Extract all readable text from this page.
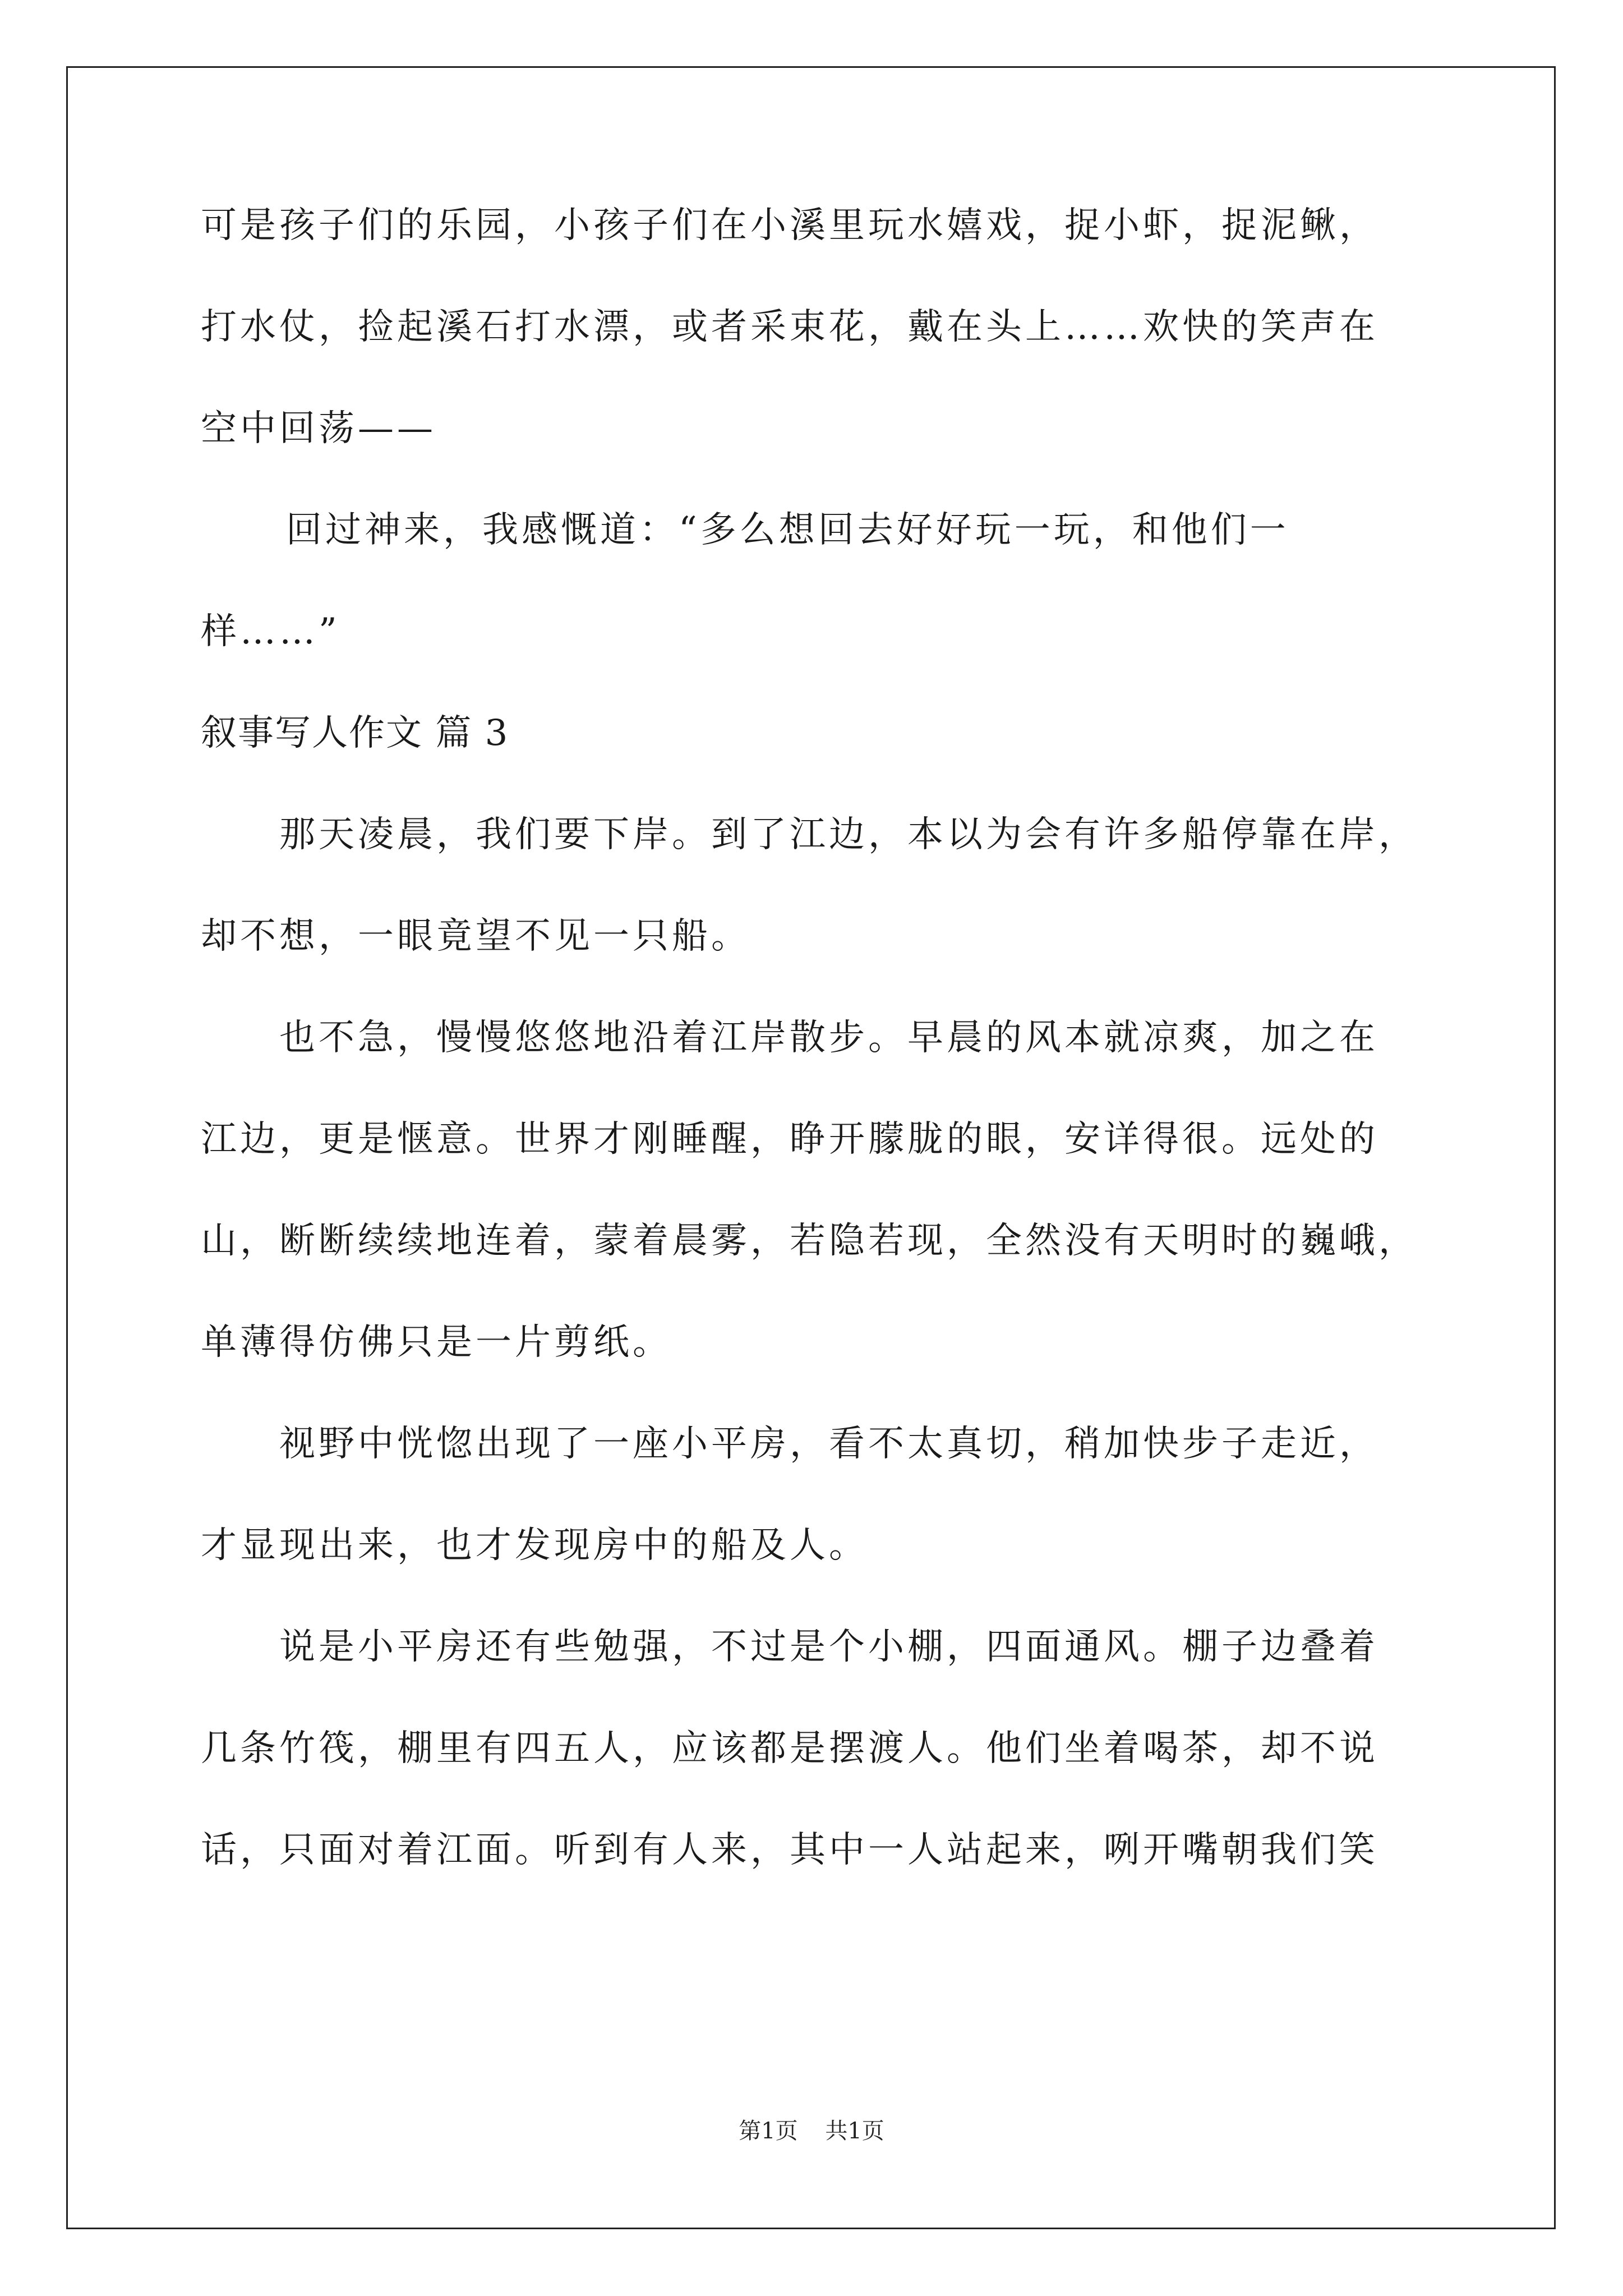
可是孩子们的乐园，小孩子们在小溪里玩水嬉戏，捉小虾，捉泥鳅，
打水仗，捡起溪石打水漂，或者采束花，戴在头上……欢快的笑声在
空中回荡——
回过神来，我感慨道：“多么想回去好好玩一玩，和他们一
样……”
叙事写人作文 篇 3
那天凌晨，我们要下岸。到了江边，本以为会有许多船停靠在岸，
却不想，一眼竟望不见一只船。
也不急，慢慢悠悠地沿着江岸散步。早晨的风本就凉爽，加之在
江边，更是惬意。世界才刚睡醒，睁开朦胧的眼，安详得很。远处的
山，断断续续地连着，蒙着晨雾，若隐若现，全然没有天明时的巍峨，
单薄得仿佛只是一片剪纸。
视野中恍惚出现了一座小平房，看不太真切，稍加快步子走近，
才显现出来，也才发现房中的船及人。
说是小平房还有些勉强，不过是个小棚，四面通风。棚子边叠着
几条竹筏，棚里有四五人，应该都是摆渡人。他们坐着喝茶，却不说
话，只面对着江面。听到有人来，其中一人站起来，咧开嘴朝我们笑
第1页 共1页
